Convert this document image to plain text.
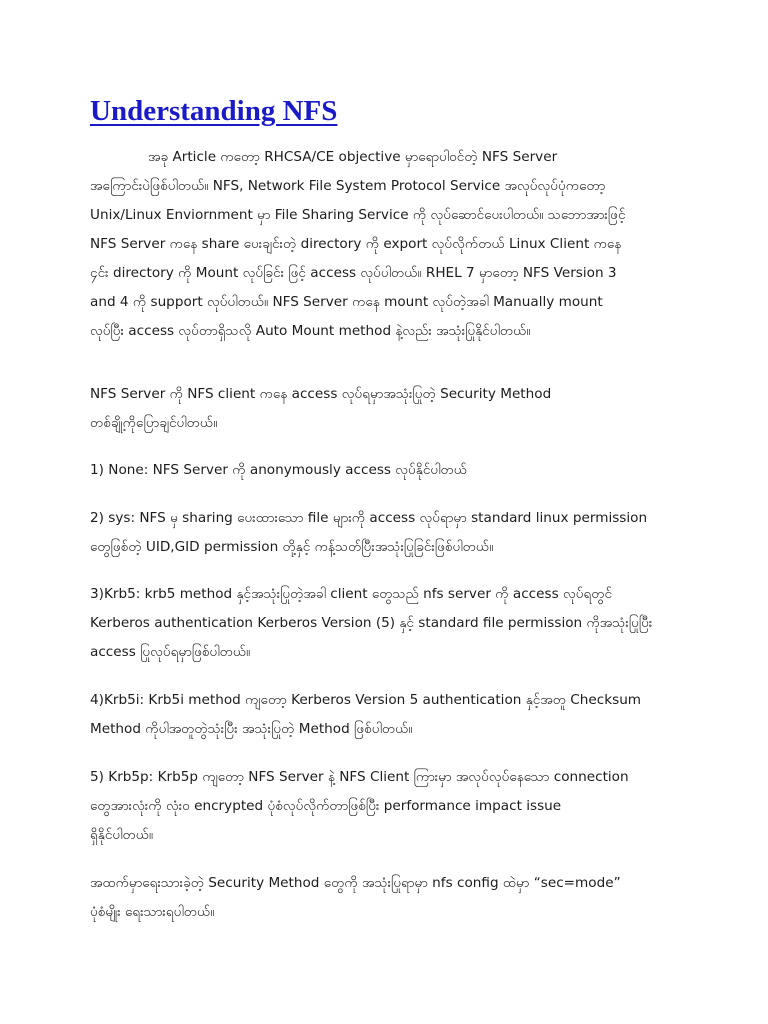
Understanding NFS

အခု Article ကတော့ RHCSA/CE objective မှာရောပါဝင်တဲ့ NFS Server
အကြောင်းပဲဖြစ်ပါတယ်။ NFS, Network File System Protocol Service အလုပ်လုပ်ပုံကတော့
Unix/Linux Enviornment မှာ File Sharing Service ကို လုပ်ဆောင်ပေးပါတယ်။ သဘောအားဖြင့်
NFS Server ကနေ share ပေးချင်းတဲ့ directory ကို export လုပ်လိုက်တယ် Linux Client ကနေ
၄င်း directory ကို Mount လုပ်ခြင်း ဖြင့် access လုပ်ပါတယ်။ RHEL 7 မှာတော့ NFS Version 3
and 4 ကို support လုပ်ပါတယ်။ NFS Server ကနေ mount လုပ်တဲ့အခါ Manually mount
လုပ်ပြီး access လုပ်တာရှိသလို Auto Mount method နဲ့လည်း အသုံးပြုနိုင်ပါတယ်။

NFS Server ကို NFS client ကနေ access လုပ်ရမှာအသုံးပြုတဲ့ Security Method
တစ်ချို့ကိုပြောချင်ပါတယ်။

1) None: NFS Server ကို anonymously access လုပ်နိုင်ပါတယ်

2) sys: NFS မှ sharing ပေးထားသော file များကို access လုပ်ရာမှာ standard linux permission
တွေဖြစ်တဲ့ UID,GID permission တို့နှင့် ကန့်သတ်ပြီးအသုံးပြုခြင်းဖြစ်ပါတယ်။

3)Krb5: krb5 method နှင့်အသုံးပြုတဲ့အခါ client တွေသည် nfs server ကို access လုပ်ရတွင်
Kerberos authentication Kerberos Version (5) နှင့် standard file permission ကိုအသုံးပြုပြီး
access ပြုလုပ်ရမှာဖြစ်ပါတယ်။

4)Krb5i: Krb5i method ကျတော့ Kerberos Version 5 authentication နှင့်အတူ Checksum
Method ကိုပါအတူတွဲသုံးပြီး အသုံးပြုတဲ့ Method ဖြစ်ပါတယ်။

5) Krb5p: Krb5p ကျတော့ NFS Server နဲ့ NFS Client ကြားမှာ အလုပ်လုပ်နေသော connection
တွေအားလုံးကို လုံးဝ encrypted ပုံစံလုပ်လိုက်တာဖြစ်ပြီး performance impact issue
ရှိနိုင်ပါတယ်။

အထက်မှာရေးသားခဲ့တဲ့ Security Method တွေကို အသုံးပြုရာမှာ nfs config ထဲမှာ “sec=mode”
ပုံစံမျိုး ရေးသားရပါတယ်။
